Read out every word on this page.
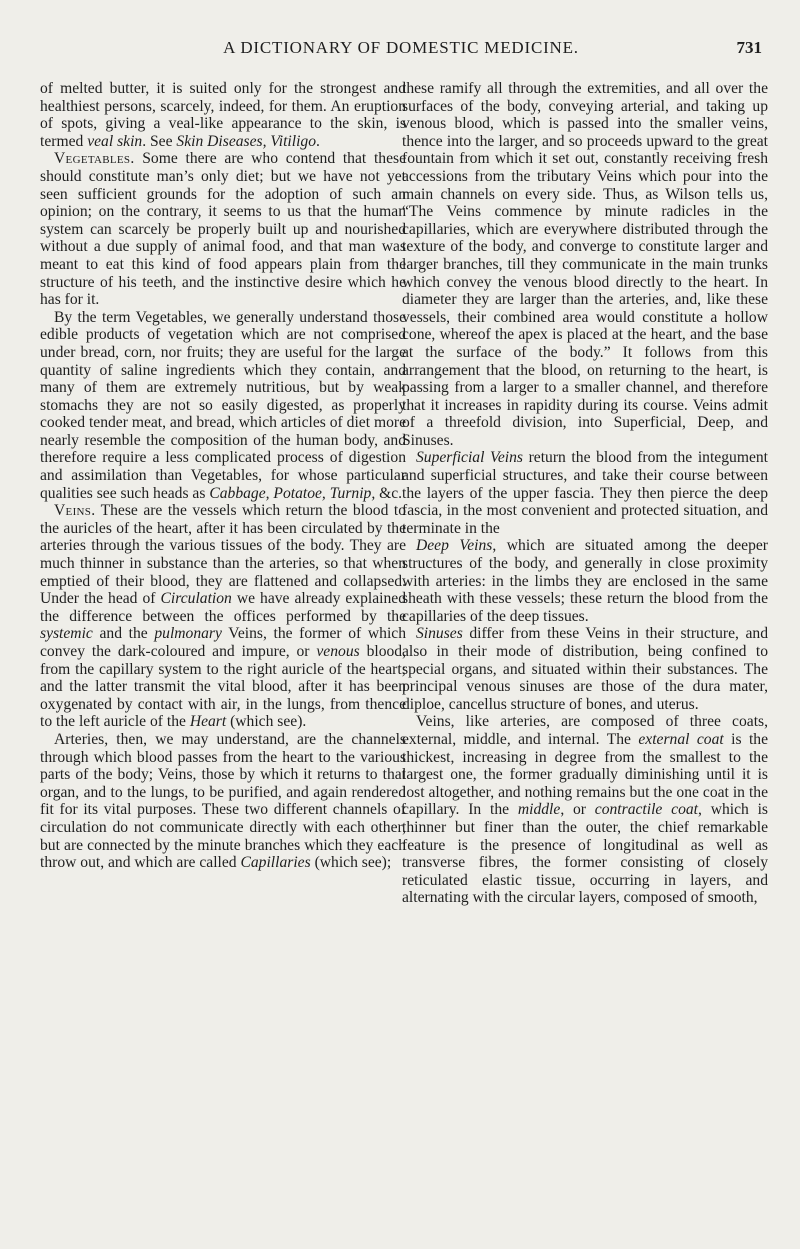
A DICTIONARY OF DOMESTIC MEDICINE.	731

of melted butter, it is suited only for the strongest and healthiest persons, scarcely, indeed, for them. An eruption of spots, giving a veal-like appearance to the skin, is termed veal skin. See Skin Diseases, Vitiligo.

Vegetables. Some there are who contend that these should constitute man’s only diet; but we have not yet seen sufficient grounds for the adoption of such an opinion; on the contrary, it seems to us that the human system can scarcely be properly built up and nourished without a due supply of animal food, and that man was meant to eat this kind of food appears plain from the structure of his teeth, and the instinctive desire which he has for it.

By the term Vegetables, we generally understand those edible products of vegetation which are not comprised under bread, corn, nor fruits; they are useful for the large quantity of saline ingredients which they contain, and many of them are extremely nutritious, but by weak stomachs they are not so easily digested, as properly cooked tender meat, and bread, which articles of diet more nearly resemble the composition of the human body, and therefore require a less complicated process of digestion and assimilation than Vegetables, for whose particular qualities see such heads as Cabbage, Potatoe, Turnip, &c.

Veins. These are the vessels which return the blood to the auricles of the heart, after it has been circulated by the arteries through the various tissues of the body. They are much thinner in substance than the arteries, so that when emptied of their blood, they are flattened and collapsed. Under the head of Circulation we have already explained the difference between the offices performed by the systemic and the pulmonary Veins, the former of which convey the dark-coloured and impure, or venous blood, from the capillary system to the right auricle of the heart; and the latter transmit the vital blood, after it has been oxygenated by contact with air, in the lungs, from thence to the left auricle of the Heart (which see).

Arteries, then, we may understand, are the channels through which blood passes from the heart to the various parts of the body; Veins, those by which it returns to that organ, and to the lungs, to be purified, and again rendered fit for its vital purposes. These two different channels of circulation do not communicate directly with each other, but are connected by the minute branches which they each throw out, and which are called Capillaries (which see);

these ramify all through the extremities, and all over the surfaces of the body, conveying arterial, and taking up venous blood, which is passed into the smaller veins, thence into the larger, and so proceeds upward to the great fountain from which it set out, constantly receiving fresh accessions from the tributary Veins which pour into the main channels on every side. Thus, as Wilson tells us, “The Veins commence by minute radicles in the capillaries, which are everywhere distributed through the texture of the body, and converge to constitute larger and larger branches, till they communicate in the main trunks which convey the venous blood directly to the heart. In diameter they are larger than the arteries, and, like these vessels, their combined area would constitute a hollow cone, whereof the apex is placed at the heart, and the base at the surface of the body.” It follows from this arrangement that the blood, on returning to the heart, is passing from a larger to a smaller channel, and therefore that it increases in rapidity during its course. Veins admit of a threefold division, into Superficial, Deep, and Sinuses.

Superficial Veins return the blood from the integument and superficial structures, and take their course between the layers of the upper fascia. They then pierce the deep fascia, in the most convenient and protected situation, and terminate in the

Deep Veins, which are situated among the deeper structures of the body, and generally in close proximity with arteries: in the limbs they are enclosed in the same sheath with these vessels; these return the blood from the capillaries of the deep tissues.

Sinuses differ from these Veins in their structure, and also in their mode of distribution, being confined to special organs, and situated within their substances. The principal venous sinuses are those of the dura mater, diploe, cancellus structure of bones, and uterus.

Veins, like arteries, are composed of three coats, external, middle, and internal. The external coat is the thickest, increasing in degree from the smallest to the largest one, the former gradually diminishing until it is lost altogether, and nothing remains but the one coat in the capillary. In the middle, or contractile coat, which is thinner but finer than the outer, the chief remarkable feature is the presence of longitudinal as well as transverse fibres, the former consisting of closely reticulated elastic tissue, occurring in layers, and alternating with the circular layers, composed of smooth,
